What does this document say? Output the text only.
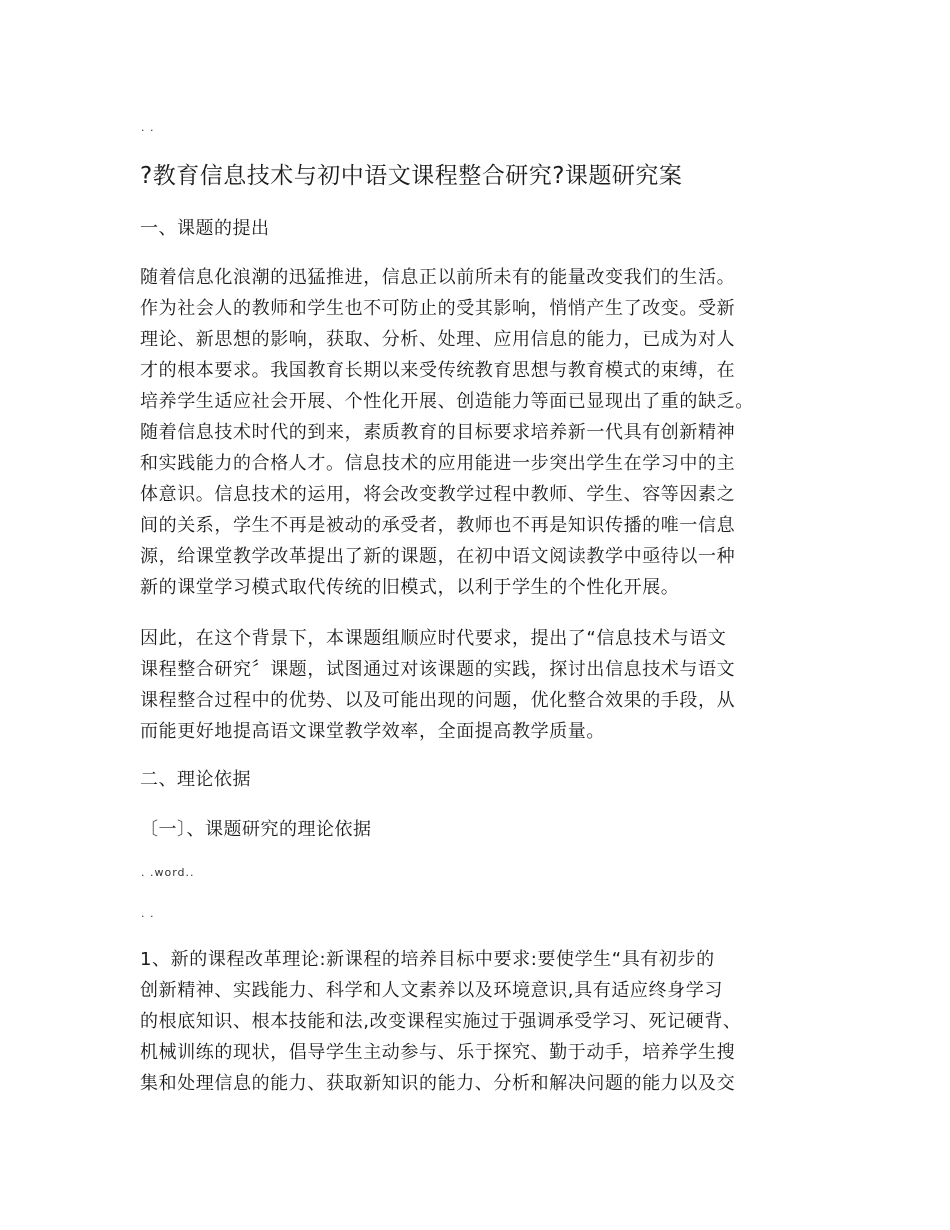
. .
?教育信息技术与初中语文课程整合研究?课题研究案
一、课题的提出
随着信息化浪潮的迅猛推进，信息正以前所未有的能量改变我们的生活。
作为社会人的教师和学生也不可防止的受其影响，悄悄产生了改变。受新
理论、新思想的影响，获取、分析、处理、应用信息的能力，已成为对人
才的根本要求。我国教育长期以来受传统教育思想与教育模式的束缚，在
培养学生适应社会开展、个性化开展、创造能力等面已显现出了重的缺乏。
随着信息技术时代的到来，素质教育的目标要求培养新一代具有创新精神
和实践能力的合格人才。信息技术的应用能进一步突出学生在学习中的主
体意识。信息技术的运用，将会改变教学过程中教师、学生、容等因素之
间的关系，学生不再是被动的承受者，教师也不再是知识传播的唯一信息
源，给课堂教学改革提出了新的课题，在初中语文阅读教学中亟待以一种
新的课堂学习模式取代传统的旧模式，以利于学生的个性化开展。
因此，在这个背景下，本课题组顺应时代要求，提出了“信息技术与语文
课程整合研究〞课题，试图通过对该课题的实践，探讨出信息技术与语文
课程整合过程中的优势、以及可能出现的问题，优化整合效果的手段，从
而能更好地提高语文课堂教学效率，全面提高教学质量。
二、理论依据
〔一〕、课题研究的理论依据
. .word..
. .
1、新的课程改革理论:新课程的培养目标中要求:要使学生“具有初步的
创新精神、实践能力、科学和人文素养以及环境意识,具有适应终身学习
的根底知识、根本技能和法,改变课程实施过于强调承受学习、死记硬背、
机械训练的现状，倡导学生主动参与、乐于探究、勤于动手，培养学生搜
集和处理信息的能力、获取新知识的能力、分析和解决问题的能力以及交
